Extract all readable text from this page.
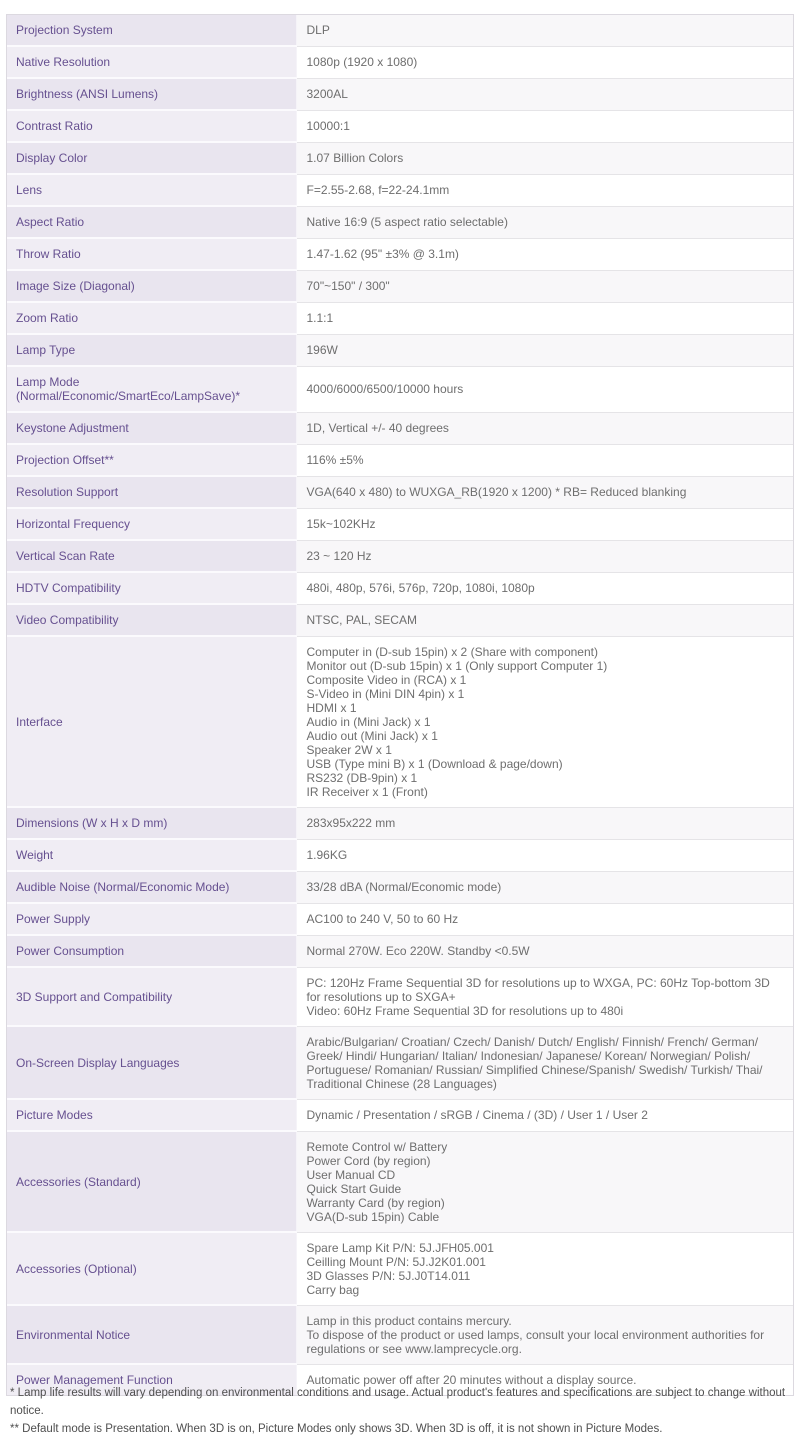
Projection System	DLP
Native Resolution	1080p (1920 x 1080)
Brightness (ANSI Lumens)	3200AL
Contrast Ratio	10000:1
Display Color	1.07 Billion Colors
Lens	F=2.55-2.68, f=22-24.1mm
Aspect Ratio	Native 16:9 (5 aspect ratio selectable)
Throw Ratio	1.47-1.62 (95" ±3% @ 3.1m)
Image Size (Diagonal)	70"~150" / 300"
Zoom Ratio	1.1:1
Lamp Type	196W
Lamp Mode (Normal/Economic/SmartEco/LampSave)*	4000/6000/6500/10000 hours
Keystone Adjustment	1D, Vertical +/- 40 degrees
Projection Offset**	116% ±5%
Resolution Support	VGA(640 x 480) to WUXGA_RB(1920 x 1200) * RB= Reduced blanking
Horizontal Frequency	15k~102KHz
Vertical Scan Rate	23 ~ 120 Hz
HDTV Compatibility	480i, 480p, 576i, 576p, 720p, 1080i, 1080p
Video Compatibility	NTSC, PAL, SECAM
Interface	Computer in (D-sub 15pin) x 2 (Share with component)
Monitor out (D-sub 15pin) x 1 (Only support Computer 1)
Composite Video in (RCA) x 1
S-Video in (Mini DIN 4pin) x 1
HDMI x 1
Audio in (Mini Jack) x 1
Audio out (Mini Jack) x 1
Speaker 2W x 1
USB (Type mini B) x 1 (Download & page/down)
RS232 (DB-9pin) x 1
IR Receiver x 1 (Front)
Dimensions (W x H x D mm)	283x95x222 mm
Weight	1.96KG
Audible Noise (Normal/Economic Mode)	33/28 dBA (Normal/Economic mode)
Power Supply	AC100 to 240 V, 50 to 60 Hz
Power Consumption	Normal 270W. Eco 220W. Standby <0.5W
3D Support and Compatibility	PC: 120Hz Frame Sequential 3D for resolutions up to WXGA, PC: 60Hz Top-bottom 3D for resolutions up to SXGA+
Video: 60Hz Frame Sequential 3D for resolutions up to 480i
On-Screen Display Languages	Arabic/Bulgarian/ Croatian/ Czech/ Danish/ Dutch/ English/ Finnish/ French/ German/ Greek/ Hindi/ Hungarian/ Italian/ Indonesian/ Japanese/ Korean/ Norwegian/ Polish/ Portuguese/ Romanian/ Russian/ Simplified Chinese/Spanish/ Swedish/ Turkish/ Thai/ Traditional Chinese (28 Languages)
Picture Modes	Dynamic / Presentation / sRGB / Cinema / (3D) / User 1 / User 2
Accessories (Standard)	Remote Control w/ Battery
Power Cord (by region)
User Manual CD
Quick Start Guide
Warranty Card (by region)
VGA(D-sub 15pin) Cable
Accessories (Optional)	Spare Lamp Kit P/N: 5J.JFH05.001
Ceilling Mount P/N: 5J.J2K01.001
3D Glasses P/N: 5J.J0T14.011
Carry bag
Environmental Notice	Lamp in this product contains mercury.
To dispose of the product or used lamps, consult your local environment authorities for regulations or see www.lamprecycle.org.
Power Management Function	Automatic power off after 20 minutes without a display source.
* Lamp life results will vary depending on environmental conditions and usage. Actual product's features and specifications are subject to change without notice.
** Default mode is Presentation. When 3D is on, Picture Modes only shows 3D. When 3D is off, it is not shown in Picture Modes.
